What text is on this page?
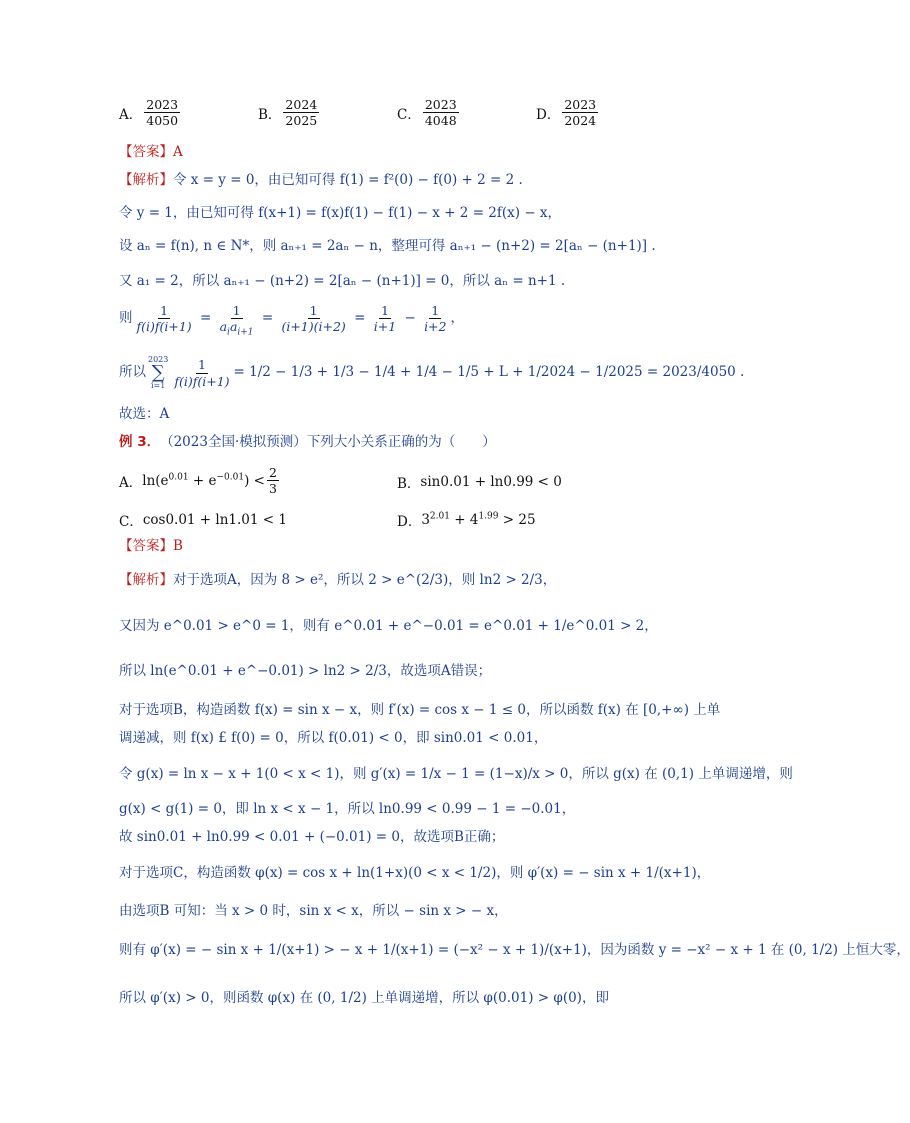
A． $\frac{2023}{4050}$	B． $\frac{2024}{2025}$	C． $\frac{2023}{4048}$	D． $\frac{2023}{2024}$
【答案】 A
【解析】 令 x = y = 0，由已知可得 f(1) = f²(0) − f(0) + 2 = 2 .
令 y = 1，由已知可得 f(x+1) = f(x)f(1) − f(1) − x + 2 = 2f(x) − x，
设 aₙ = f(n), n ∈ N*，则 aₙ₊₁ = 2aₙ − n，整理可得 aₙ₊₁ − (n+2) = 2[aₙ − (n+1)] .
又 a₁ = 2，所以 aₙ₊₁ − (n+2) = 2[aₙ − (n+1)] = 0，所以 aₙ = n+1 .
则 $\frac{1}{f(i)f(i+1)} = \frac{1}{a_ia_{i+1}} = \frac{1}{(i+1)(i+2)} = \frac{1}{i+1} - \frac{1}{i+2}$ ，
所以
2023
∑
$i=1 \frac{1}{f(i)f(i+1)} = 1/2 - 1/3 + 1/3 - 1/4 + 1/4 - 1/5 + L + 1/2024 - 1/2025 = 2023/4050$ .
故选：A
例 3． （2023全国·模拟预测） 下列大小关系正确的为（　　）
A． $\ln(e^{0.01} + e^{-0.01}) < \frac{2}{3}$	B． sin0.01 + ln0.99 < 0
C． cos0.01 + ln1.01 < 1	D． $3^{2.01} + 4^{1.99} > 25$
【答案】 B
【解析】 对于选项A，因为 8 > e²，所以 2 > e^(2/3)，则 ln2 > 2/3，
又因为 e^0.01 > e^0 = 1，则有 e^0.01 + e^−0.01 = e^0.01 + 1/e^0.01 > 2，
所以 ln(e^0.01 + e^−0.01) > ln2 > 2/3，故选项A错误；
对于选项B，构造函数 f(x) = sin x − x，则 f′(x) = cos x − 1 ≤ 0，所以函数 f(x) 在 [0,+∞) 上单
调递减，则 f(x) £ f(0) = 0，所以 f(0.01) < 0，即 sin0.01 < 0.01，
令 g(x) = ln x − x + 1(0 < x < 1)，则 g′(x) = 1/x − 1 = (1−x)/x > 0，所以 g(x) 在 (0,1) 上单调递增，则
g(x) < g(1) = 0，即 ln x < x − 1，所以 ln0.99 < 0.99 − 1 = −0.01，
故 sin0.01 + ln0.99 < 0.01 + (−0.01) = 0，故选项B正确；
对于选项C，构造函数 φ(x) = cos x + ln(1+x)(0 < x < 1/2)，则 φ′(x) = − sin x + 1/(x+1)，
由选项B 可知：当 x > 0 时，sin x < x，所以 − sin x > − x，
则有 φ′(x) = − sin x + 1/(x+1) > − x + 1/(x+1) = (−x² − x + 1)/(x+1)，因为函数 y = −x² − x + 1 在 (0, 1/2) 上恒大零，
所以 φ′(x) > 0，则函数 φ(x) 在 (0, 1/2) 上单调递增，所以 φ(0.01) > φ(0)，即
